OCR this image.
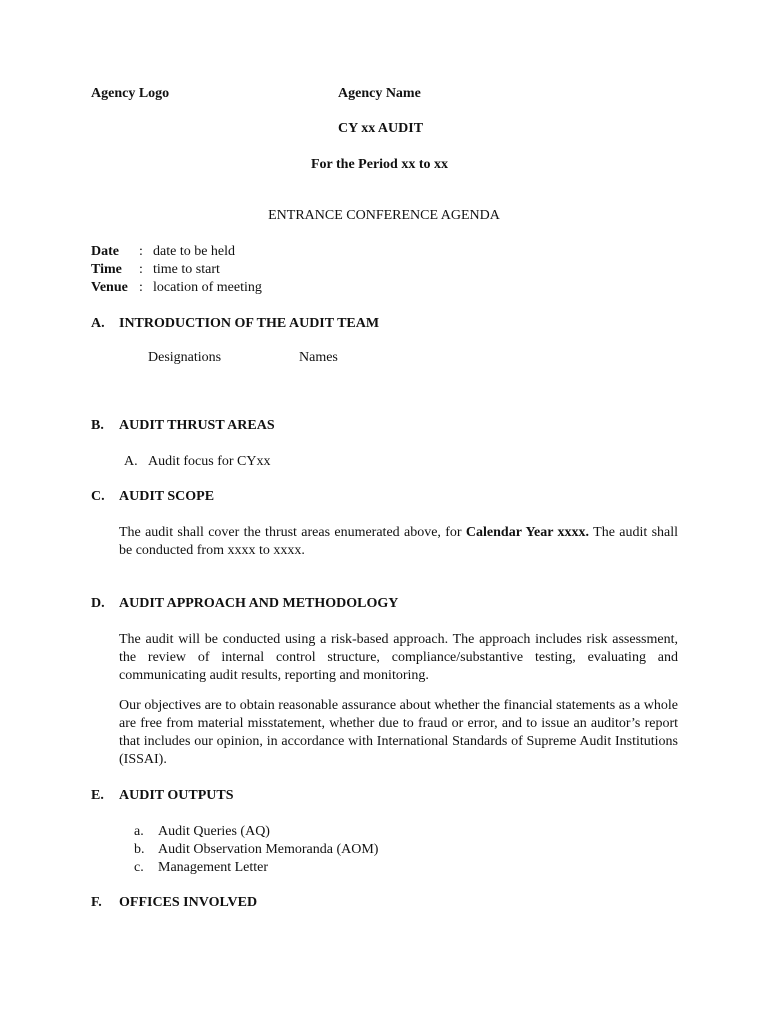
Agency Logo	Agency Name
CY xx AUDIT
For the Period xx to xx
ENTRANCE CONFERENCE AGENDA
Date : date to be held
Time : time to start
Venue : location of meeting
A. INTRODUCTION OF THE AUDIT TEAM
Designations	Names
B. AUDIT THRUST AREAS
A. Audit focus for CYxx
C. AUDIT SCOPE
The audit shall cover the thrust areas enumerated above, for Calendar Year xxxx. The audit shall be conducted from xxxx to xxxx.
D. AUDIT APPROACH AND METHODOLOGY
The audit will be conducted using a risk-based approach. The approach includes risk assessment, the review of internal control structure, compliance/substantive testing, evaluating and communicating audit results, reporting and monitoring.
Our objectives are to obtain reasonable assurance about whether the financial statements as a whole are free from material misstatement, whether due to fraud or error, and to issue an auditor’s report that includes our opinion, in accordance with International Standards of Supreme Audit Institutions (ISSAI).
E. AUDIT OUTPUTS
a. Audit Queries (AQ)
b. Audit Observation Memoranda (AOM)
c. Management Letter
F. OFFICES INVOLVED
